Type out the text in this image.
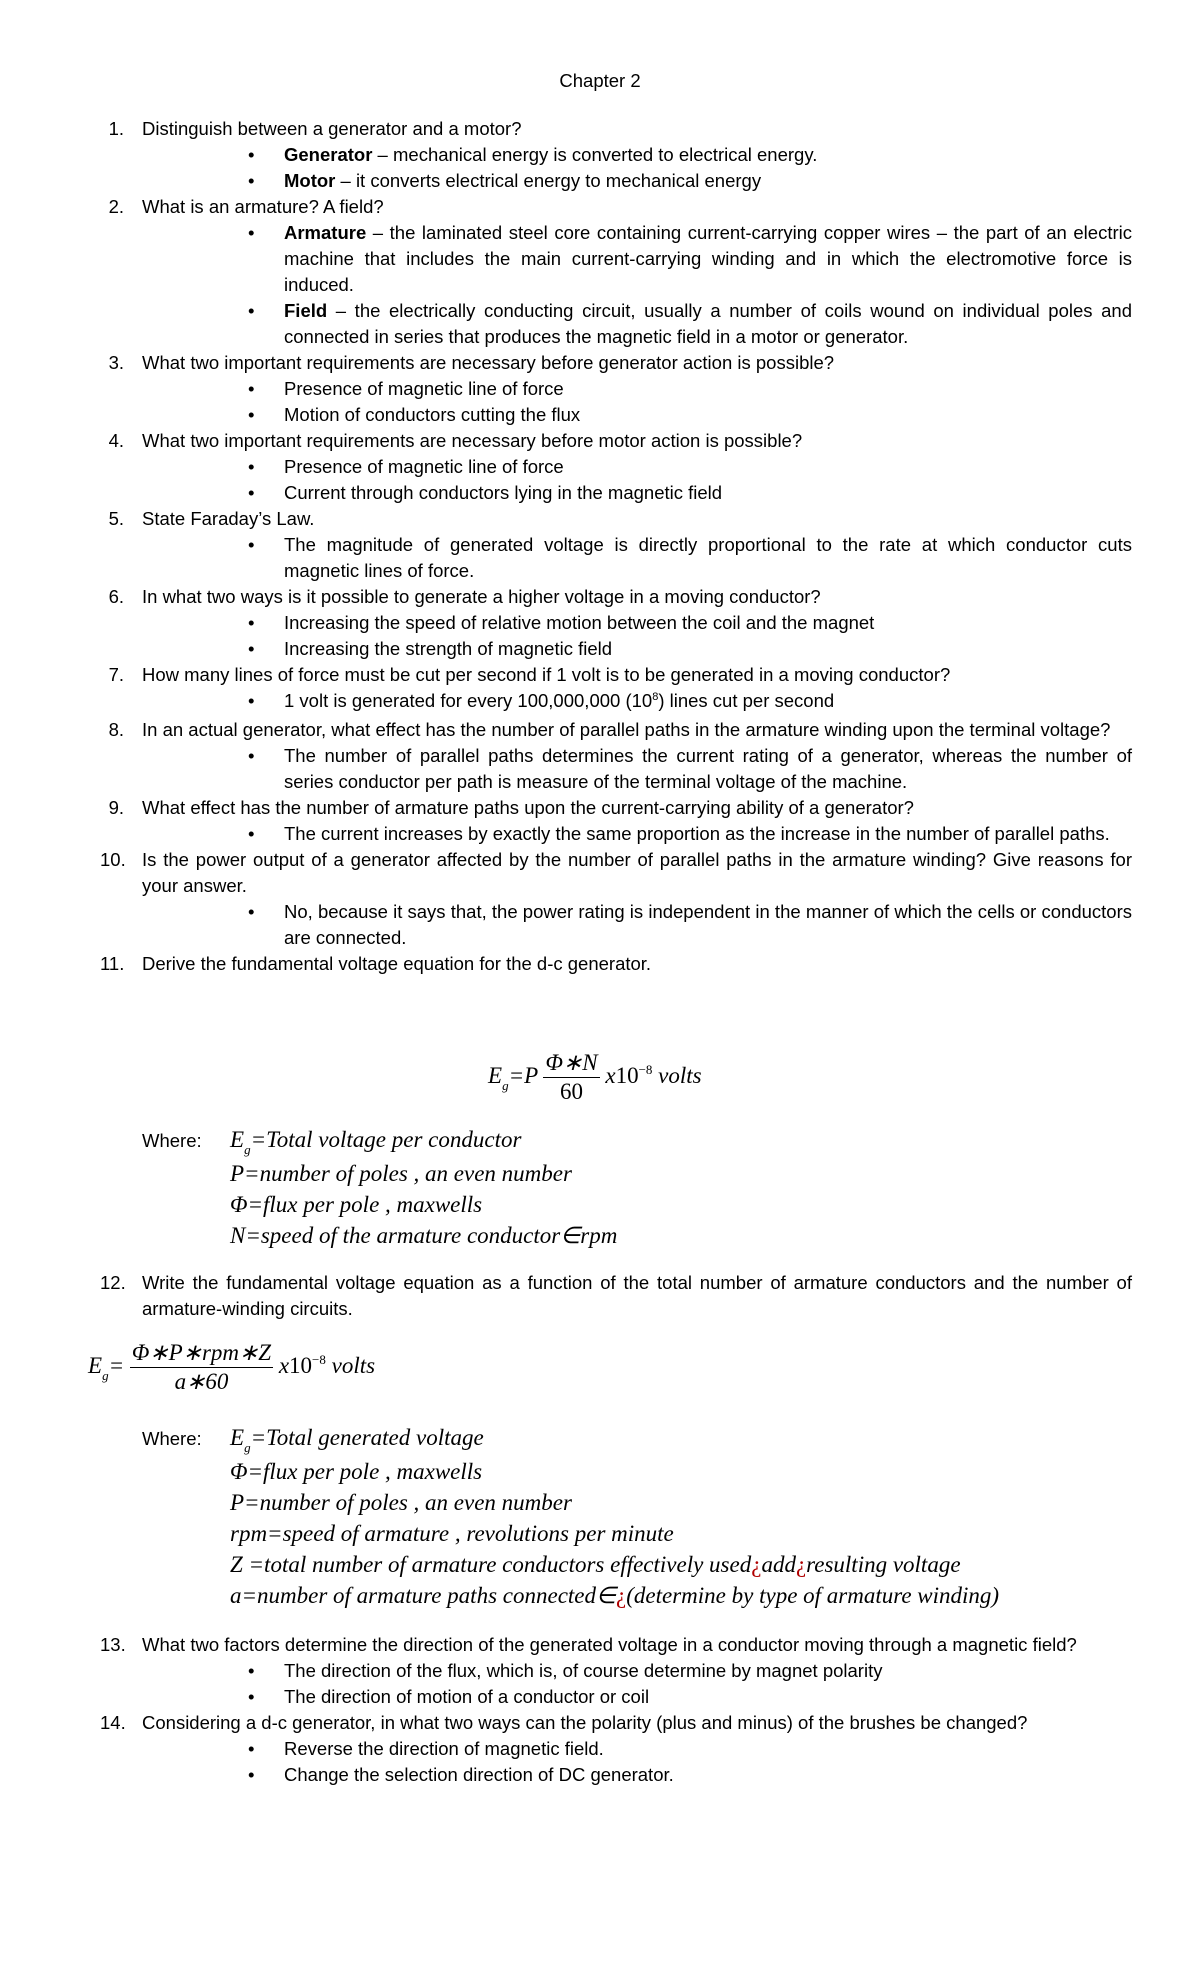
Chapter 2
1. Distinguish between a generator and a motor?
• Generator – mechanical energy is converted to electrical energy.
• Motor – it converts electrical energy to mechanical energy
2. What is an armature? A field?
• Armature – the laminated steel core containing current-carrying copper wires – the part of an electric machine that includes the main current-carrying winding and in which the electromotive force is induced.
• Field – the electrically conducting circuit, usually a number of coils wound on individual poles and connected in series that produces the magnetic field in a motor or generator.
3. What two important requirements are necessary before generator action is possible?
• Presence of magnetic line of force
• Motion of conductors cutting the flux
4. What two important requirements are necessary before motor action is possible?
• Presence of magnetic line of force
• Current through conductors lying in the magnetic field
5. State Faraday’s Law.
• The magnitude of generated voltage is directly proportional to the rate at which conductor cuts magnetic lines of force.
6. In what two ways is it possible to generate a higher voltage in a moving conductor?
• Increasing the speed of relative motion between the coil and the magnet
• Increasing the strength of magnetic field
7. How many lines of force must be cut per second if 1 volt is to be generated in a moving conductor?
• 1 volt is generated for every 100,000,000 $(10^8)$ lines cut per second
8. In an actual generator, what effect has the number of parallel paths in the armature winding upon the terminal voltage?
• The number of parallel paths determines the current rating of a generator, whereas the number of series conductor per path is measure of the terminal voltage of the machine.
9. What effect has the number of armature paths upon the current-carrying ability of a generator?
• The current increases by exactly the same proportion as the increase in the number of parallel paths.
10. Is the power output of a generator affected by the number of parallel paths in the armature winding? Give reasons for your answer.
• No, because it says that, the power rating is independent in the manner of which the cells or conductors are connected.
11. Derive the fundamental voltage equation for the d-c generator.
$E_g=P \frac{\Phi∗N}{60} x10^{-8}$ volts
Where: $E_g=Total$ voltage per conductor
P=number of poles , an even number
Φ=flux per pole , maxwells
N=speed of the armature conductor∈rpm
12. Write the fundamental voltage equation as a function of the total number of armature conductors and the number of armature-winding circuits.
$E_g= \frac{\text{Φ∗P∗rpm∗Z}}{a∗60} x10^{-8}$ volts
Where: $E_g=Total$ generated voltage
Φ=flux per pole , maxwells
P=number of poles , an even number
rpm=speed of armature , revolutions per minute
Z =total number of armature conductors effectively used¿add¿resulting voltage
a=number of armature paths connected∈¿(determine by type of armature winding)
13. What two factors determine the direction of the generated voltage in a conductor moving through a magnetic field?
• The direction of the flux, which is, of course determine by magnet polarity
• The direction of motion of a conductor or coil
14. Considering a d-c generator, in what two ways can the polarity (plus and minus) of the brushes be changed?
• Reverse the direction of magnetic field.
• Change the selection direction of DC generator.
